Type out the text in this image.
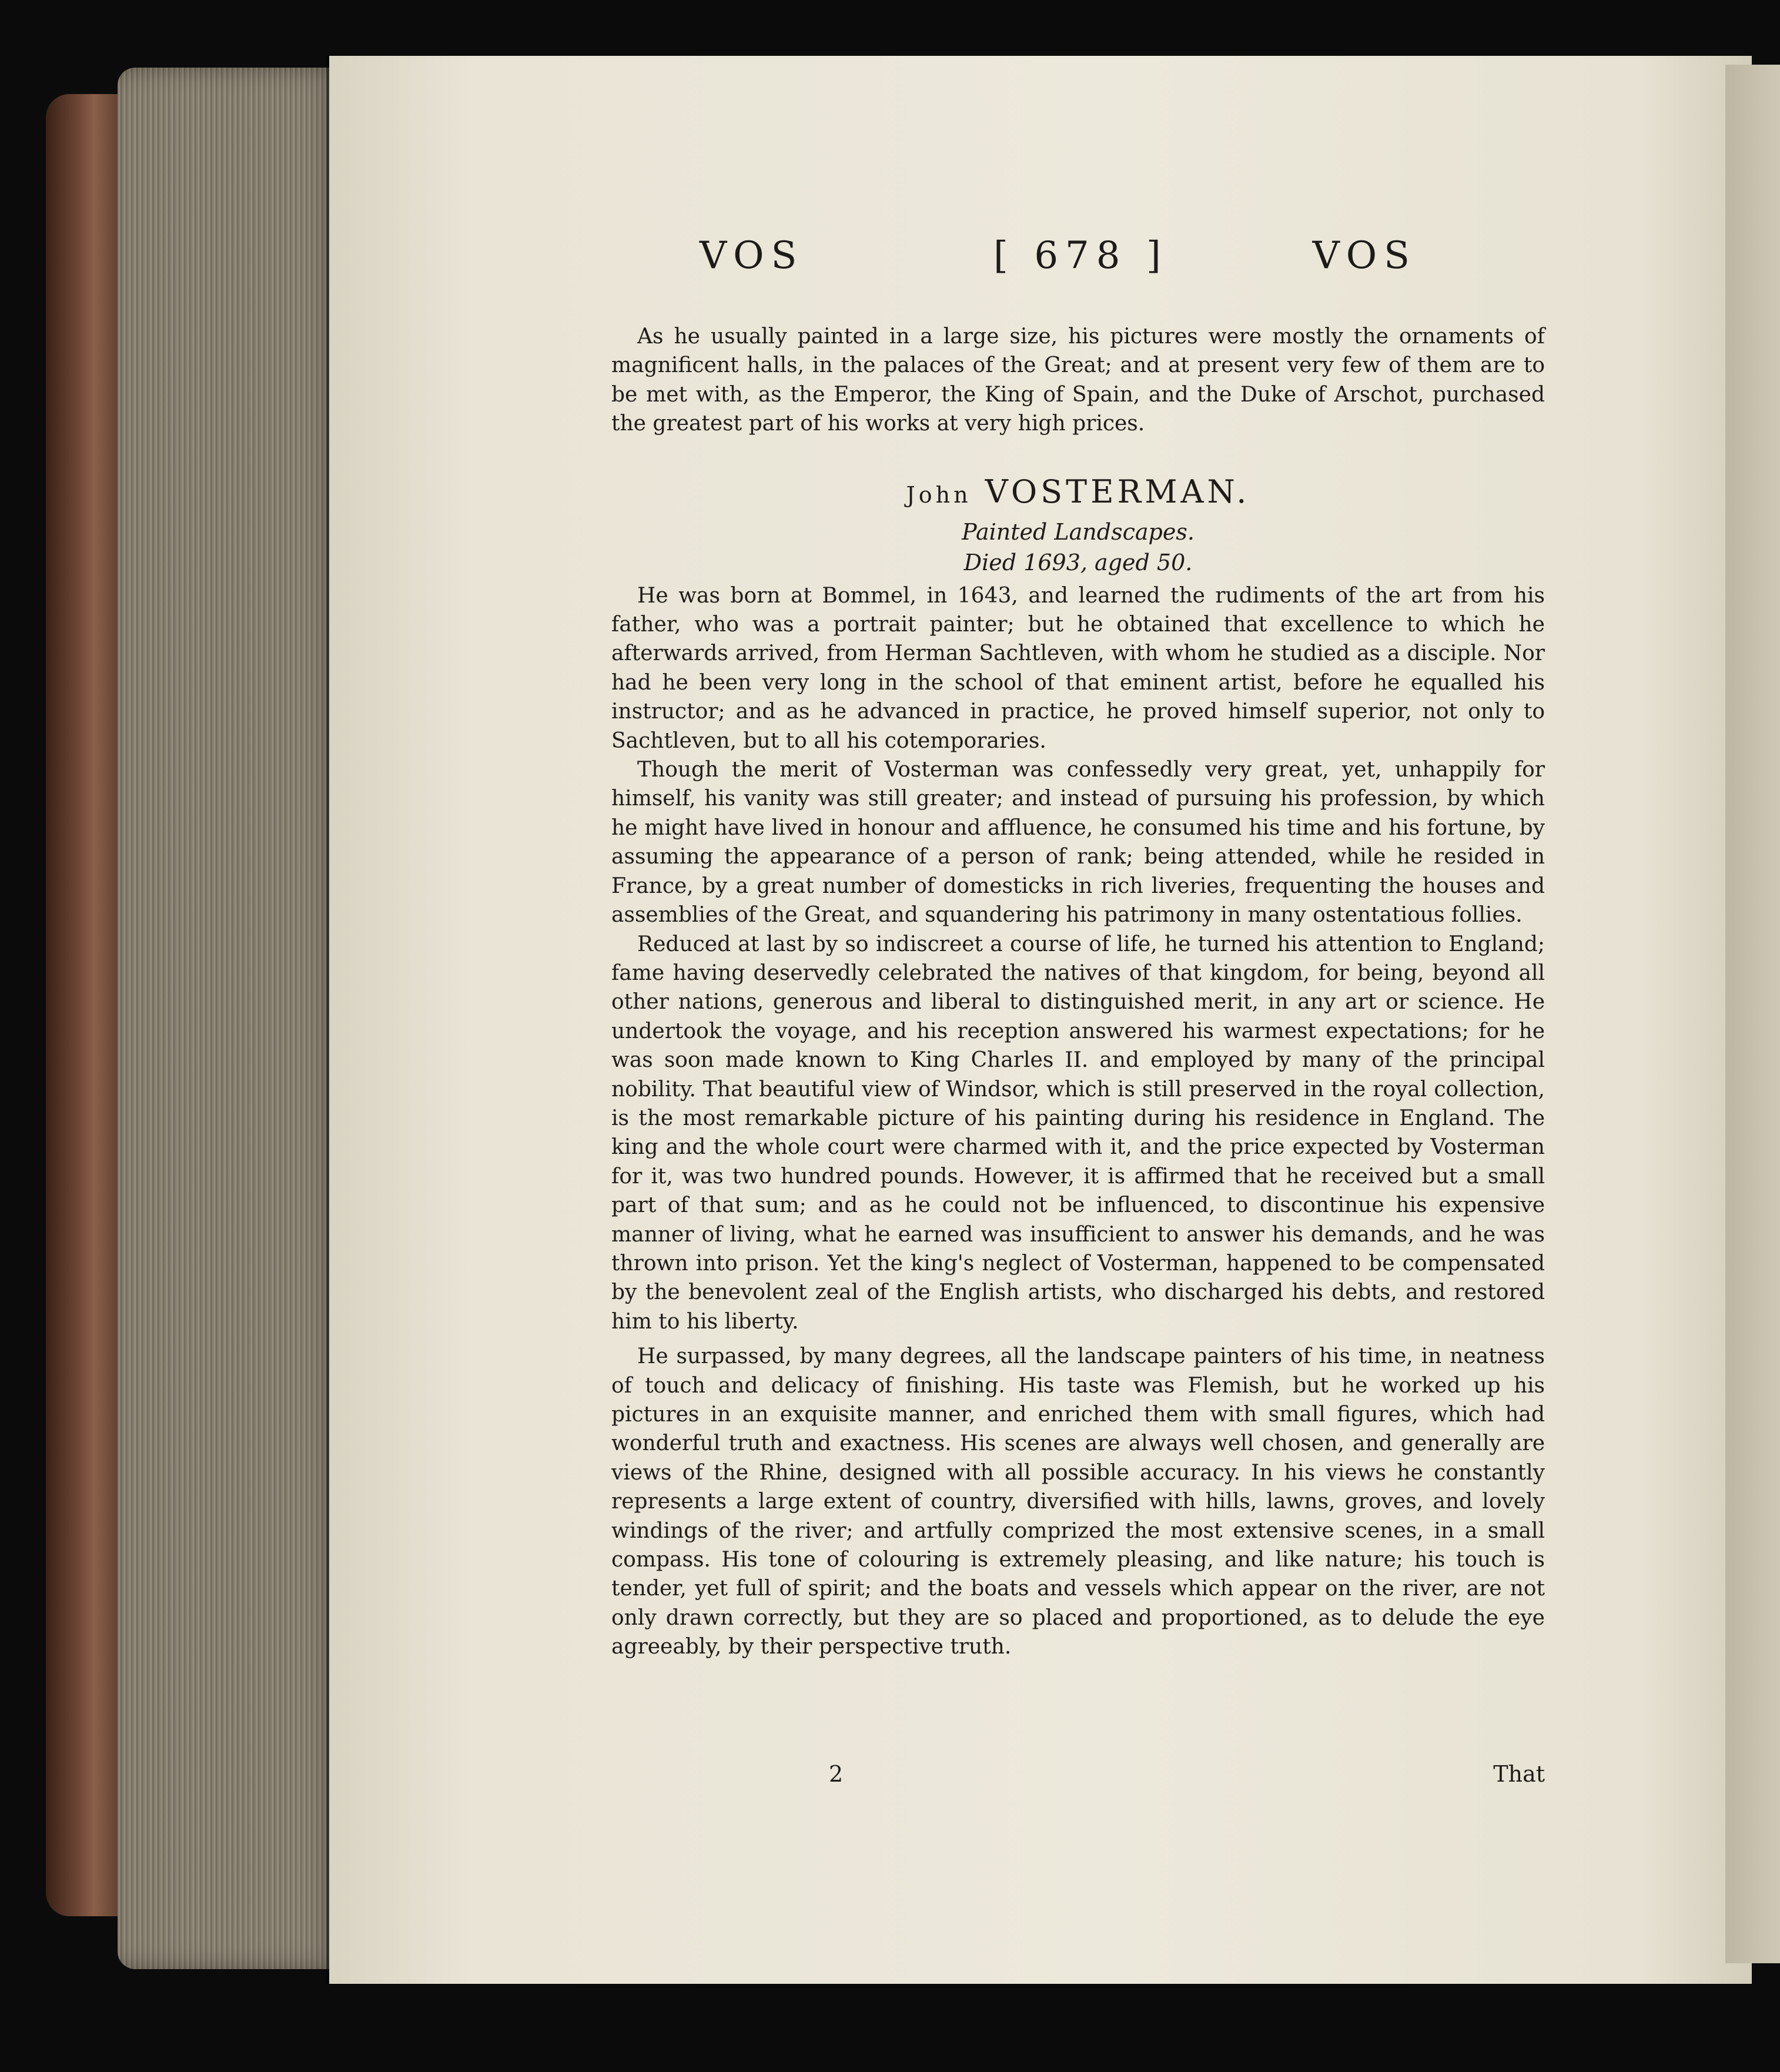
VOS	[ 678 ]	VOS

As he usually painted in a large size, his pictures were mostly the ornaments of magnificent halls, in the palaces of the Great; and at present very few of them are to be met with, as the Emperor, the King of Spain, and the Duke of Arschot, purchased the greatest part of his works at very high prices.

John VOSTERMAN.

Painted Landscapes.

Died 1693, aged 50.

He was born at Bommel, in 1643, and learned the rudiments of the art from his father, who was a portrait painter; but he obtained that excellence to which he afterwards arrived, from Herman Sachtleven, with whom he studied as a disciple. Nor had he been very long in the school of that eminent artist, before he equalled his instructor; and as he advanced in practice, he proved himself superior, not only to Sachtleven, but to all his cotemporaries.

Though the merit of Vosterman was confessedly very great, yet, unhappily for himself, his vanity was still greater; and instead of pursuing his profession, by which he might have lived in honour and affluence, he consumed his time and his fortune, by assuming the appearance of a person of rank; being attended, while he resided in France, by a great number of domesticks in rich liveries, frequenting the houses and assemblies of the Great, and squandering his patrimony in many ostentatious follies.

Reduced at last by so indiscreet a course of life, he turned his attention to England; fame having deservedly celebrated the natives of that kingdom, for being, beyond all other nations, generous and liberal to distinguished merit, in any art or science. He undertook the voyage, and his reception answered his warmest expectations; for he was soon made known to King Charles II. and employed by many of the principal nobility. That beautiful view of Windsor, which is still preserved in the royal collection, is the most remarkable picture of his painting during his residence in England. The king and the whole court were charmed with it, and the price expected by Vosterman for it, was two hundred pounds. However, it is affirmed that he received but a small part of that sum; and as he could not be influenced, to discontinue his expensive manner of living, what he earned was insufficient to answer his demands, and he was thrown into prison. Yet the king's neglect of Vosterman, happened to be compensated by the benevolent zeal of the English artists, who discharged his debts, and restored him to his liberty.

He surpassed, by many degrees, all the landscape painters of his time, in neatness of touch and delicacy of finishing. His taste was Flemish, but he worked up his pictures in an exquisite manner, and enriched them with small figures, which had wonderful truth and exactness. His scenes are always well chosen, and generally are views of the Rhine, designed with all possible accuracy. In his views he constantly represents a large extent of country, diversified with hills, lawns, groves, and lovely windings of the river; and artfully comprized the most extensive scenes, in a small compass. His tone of colouring is extremely pleasing, and like nature; his touch is tender, yet full of spirit; and the boats and vessels which appear on the river, are not only drawn correctly, but they are so placed and proportioned, as to delude the eye agreeably, by their perspective truth.

2	That
